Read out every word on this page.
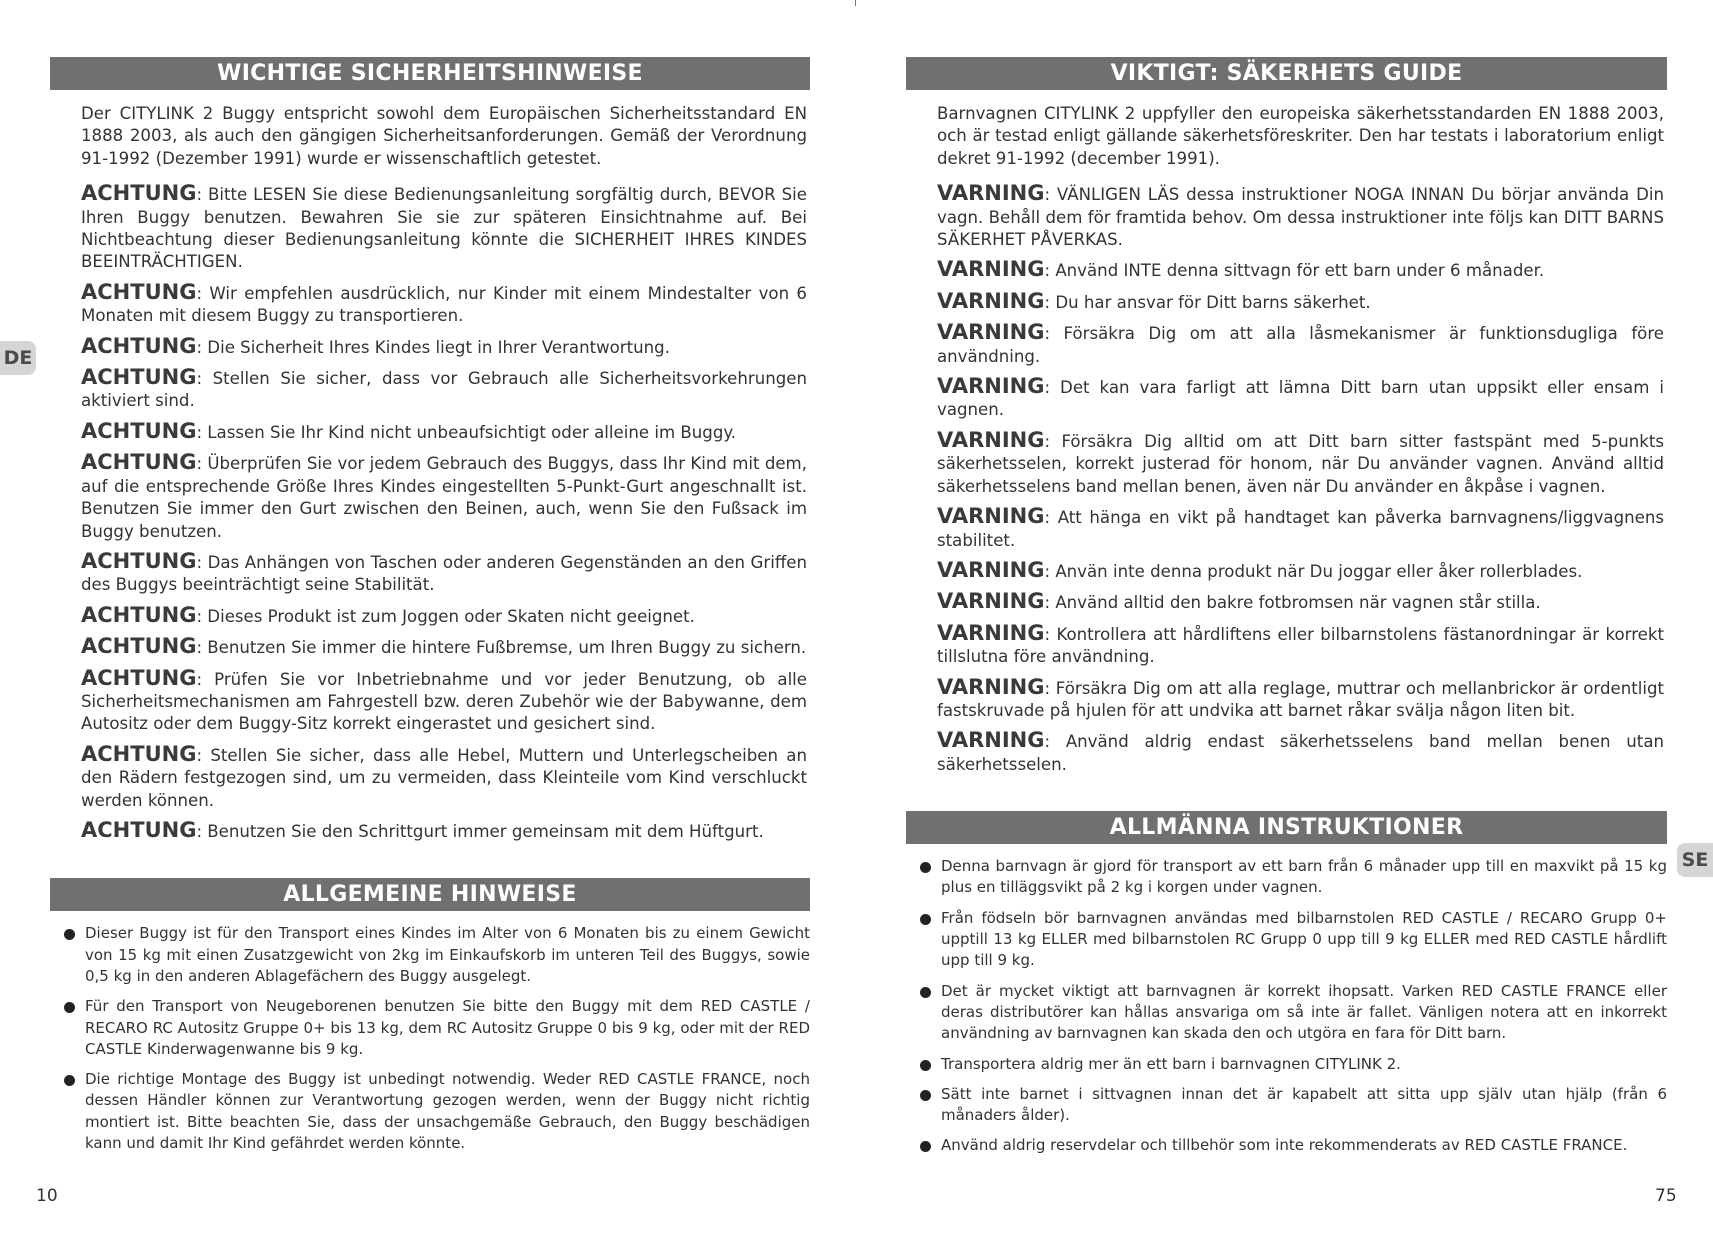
WICHTIGE SICHERHEITSHINWEISE

Der CITYLINK 2 Buggy entspricht sowohl dem Europäischen Sicherheitsstandard EN 1888 2003, als auch den gängigen Sicherheitsanforderungen. Gemäß der Verordnung 91-1992 (Dezember 1991) wurde er wissenschaftlich getestet.

ACHTUNG: Bitte LESEN Sie diese Bedienungsanleitung sorgfältig durch, BEVOR Sie Ihren Buggy benutzen. Bewahren Sie sie zur späteren Einsichtnahme auf. Bei Nichtbeachtung dieser Bedienungsanleitung könnte die SICHERHEIT IHRES KINDES BEEINTRÄCHTIGEN.

ACHTUNG: Wir empfehlen ausdrücklich, nur Kinder mit einem Mindestalter von 6 Monaten mit diesem Buggy zu transportieren.

ACHTUNG: Die Sicherheit Ihres Kindes liegt in Ihrer Verantwortung.

ACHTUNG: Stellen Sie sicher, dass vor Gebrauch alle Sicherheitsvorkehrungen aktiviert sind.

ACHTUNG: Lassen Sie Ihr Kind nicht unbeaufsichtigt oder alleine im Buggy.

ACHTUNG: Überprüfen Sie vor jedem Gebrauch des Buggys, dass Ihr Kind mit dem, auf die entsprechende Größe Ihres Kindes eingestellten 5-Punkt-Gurt angeschnallt ist. Benutzen Sie immer den Gurt zwischen den Beinen, auch, wenn Sie den Fußsack im Buggy benutzen.

ACHTUNG: Das Anhängen von Taschen oder anderen Gegenständen an den Griffen des Buggys beeinträchtigt seine Stabilität.

ACHTUNG: Dieses Produkt ist zum Joggen oder Skaten nicht geeignet.

ACHTUNG: Benutzen Sie immer die hintere Fußbremse, um Ihren Buggy zu sichern.

ACHTUNG: Prüfen Sie vor Inbetriebnahme und vor jeder Benutzung, ob alle Sicherheitsmechanismen am Fahrgestell bzw. deren Zubehör wie der Babywanne, dem Autositz oder dem Buggy-Sitz korrekt eingerastet und gesichert sind.

ACHTUNG: Stellen Sie sicher, dass alle Hebel, Muttern und Unterlegscheiben an den Rädern festgezogen sind, um zu vermeiden, dass Kleinteile vom Kind verschluckt werden können.

ACHTUNG: Benutzen Sie den Schrittgurt immer gemeinsam mit dem Hüftgurt.

ALLGEMEINE HINWEISE
Dieser Buggy ist für den Transport eines Kindes im Alter von 6 Monaten bis zu einem Gewicht von 15 kg mit einen Zusatzgewicht von 2kg im Einkaufskorb im unteren Teil des Buggys, sowie 0,5 kg in den anderen Ablagefächern des Buggy ausgelegt.
Für den Transport von Neugeborenen benutzen Sie bitte den Buggy mit dem RED CASTLE / RECARO RC Autositz Gruppe 0+ bis 13 kg, dem RC Autositz Gruppe 0 bis 9 kg, oder mit der RED CASTLE Kinderwagenwanne bis 9 kg.
Die richtige Montage des Buggy ist unbedingt notwendig. Weder RED CASTLE FRANCE, noch dessen Händler können zur Verantwortung gezogen werden, wenn der Buggy nicht richtig montiert ist. Bitte beachten Sie, dass der unsachgemäße Gebrauch, den Buggy beschädigen kann und damit Ihr Kind gefährdet werden könnte.
VIKTIGT: SÄKERHETS GUIDE

Barnvagnen CITYLINK 2 uppfyller den europeiska säkerhetsstandarden EN 1888 2003, och är testad enligt gällande säkerhetsföreskriter. Den har testats i laboratorium enligt dekret 91-1992 (december 1991).

VARNING: VÄNLIGEN LÄS dessa instruktioner NOGA INNAN Du börjar använda Din vagn. Behåll dem för framtida behov. Om dessa instruktioner inte följs kan DITT BARNS SÄKERHET PÅVERKAS.

VARNING: Använd INTE denna sittvagn för ett barn under 6 månader.

VARNING: Du har ansvar för Ditt barns säkerhet.

VARNING: Försäkra Dig om att alla låsmekanismer är funktionsdugliga före användning.

VARNING: Det kan vara farligt att lämna Ditt barn utan uppsikt eller ensam i vagnen.

VARNING: Försäkra Dig alltid om att Ditt barn sitter fastspänt med 5-punkts säkerhetsselen, korrekt justerad för honom, när Du använder vagnen. Använd alltid säkerhetsselens band mellan benen, även när Du använder en åkpåse i vagnen.

VARNING: Att hänga en vikt på handtaget kan påverka barnvagnens/liggvagnens stabilitet.

VARNING: Använ inte denna produkt när Du joggar eller åker rollerblades.

VARNING: Använd alltid den bakre fotbromsen när vagnen står stilla.

VARNING: Kontrollera att hårdliftens eller bilbarnstolens fästanordningar är korrekt tillslutna före användning.

VARNING: Försäkra Dig om att alla reglage, muttrar och mellanbrickor är ordentligt fastskruvade på hjulen för att undvika att barnet råkar svälja någon liten bit.

VARNING: Använd aldrig endast säkerhetsselens band mellan benen utan säkerhetsselen.

ALLMÄNNA INSTRUKTIONER
Denna barnvagn är gjord för transport av ett barn från 6 månader upp till en maxvikt på 15 kg plus en tilläggsvikt på 2 kg i korgen under vagnen.
Från födseln bör barnvagnen användas med bilbarnstolen RED CASTLE / RECARO Grupp 0+ upptill 13 kg ELLER med bilbarnstolen RC Grupp 0 upp till 9 kg ELLER med RED CASTLE hårdlift upp till 9 kg.
Det är mycket viktigt att barnvagnen är korrekt ihopsatt. Varken RED CASTLE FRANCE eller deras distributörer kan hållas ansvariga om så inte är fallet. Vänligen notera att en inkorrekt användning av barnvagnen kan skada den och utgöra en fara för Ditt barn.
Transportera aldrig mer än ett barn i barnvagnen CITYLINK 2.
Sätt inte barnet i sittvagnen innan det är kapabelt att sitta upp själv utan hjälp (från 6 månaders ålder).
Använd aldrig reservdelar och tillbehör som inte rekommenderats av RED CASTLE FRANCE.
DE
SE
10	75
